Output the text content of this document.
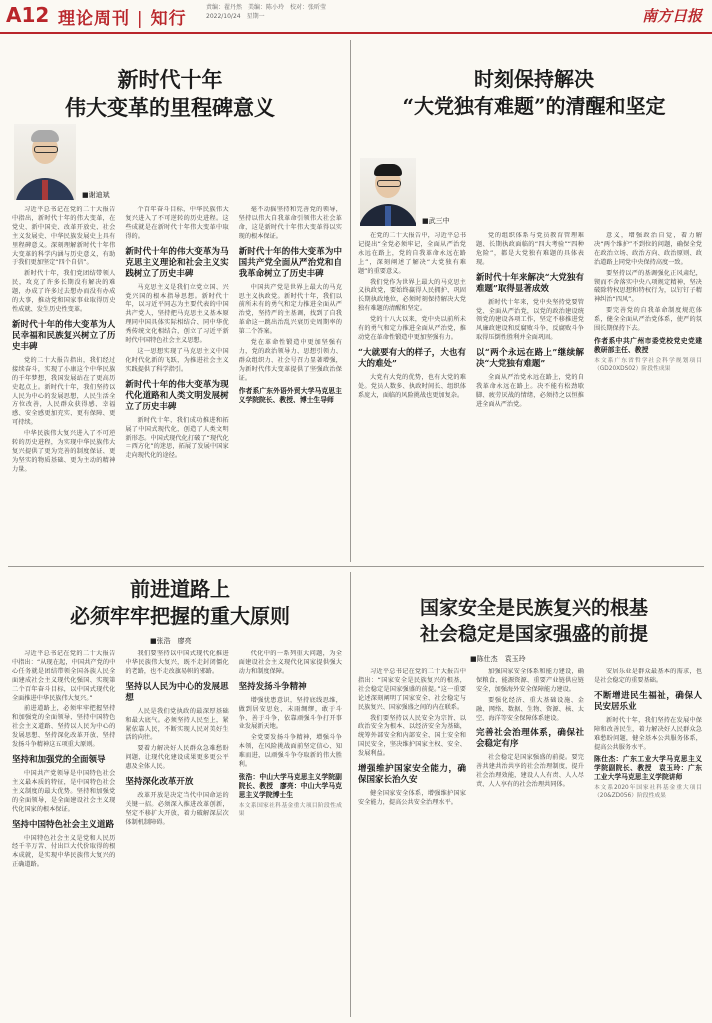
A12 理论周刊 | 知行
责编：翟丹然　美编：陈小玲　校对：张昕莹
2022/10/24　星期一	南方日报
新时代十年
伟大变革的里程碑意义
■谢迪斌

习近平总书记在党的二十大报告中指出，新时代十年的伟大变革，在党史、新中国史、改革开放史、社会主义发展史、中华民族发展史上具有里程碑意义。深刻理解新时代十年伟大变革的科学内涵与历史意义，有助于我们更加坚定“四个自信”。

新时代十年，我们党团结带领人民，攻克了许多长期没有解决的难题，办成了许多过去想办而没有办成的大事，推动党和国家事业取得历史性成就、发生历史性变革。

新时代十年的伟大变革为人民幸福和民族复兴树立了历史丰碑

党的二十大报告指出，我们经过接续奋斗，实现了小康这个中华民族的千年梦想，我国发展站在了更高历史起点上。新时代十年，我们坚持以人民为中心的发展思想，人民生活全方位改善，人民群众获得感、幸福感、安全感更加充实、更有保障、更可持续。

中华民族伟大复兴进入了不可逆转的历史进程，为实现中华民族伟大复兴提供了更为完善的制度保证、更为坚实的物质基础、更为主动的精神力量。

个百年奋斗目标，中华民族伟大复兴进入了不可逆转的历史进程。这些成就是在新时代十年伟大变革中取得的。

新时代十年的伟大变革为马克思主义理论和社会主义实践树立了历史丰碑

马克思主义是我们立党立国、兴党兴国的根本指导思想。新时代十年，以习近平同志为主要代表的中国共产党人，坚持把马克思主义基本原理同中国具体实际相结合、同中华优秀传统文化相结合，创立了习近平新时代中国特色社会主义思想。

这一思想实现了马克思主义中国化时代化新的飞跃，为推进社会主义实践提供了科学指引。

新时代十年的伟大变革为现代化道路和人类文明发展树立了历史丰碑

新时代十年，我们成功推进和拓展了中国式现代化，创造了人类文明新形态。中国式现代化打破了“现代化＝西方化”的迷思，拓展了发展中国家走向现代化的途径。

毫不动摇坚持和完善党的领导，坚持以伟大自我革命引领伟大社会革命，这是新时代十年伟大变革得以实现的根本保证。

新时代十年的伟大变革为中国共产党全面从严治党和自我革命树立了历史丰碑

中国共产党是世界上最大的马克思主义执政党。新时代十年，我们以前所未有的勇气和定力推进全面从严治党，坚持严的主基调，找到了自我革命这一跳出治乱兴衰历史周期率的第二个答案。

党在革命性锻造中更加坚强有力，党的政治领导力、思想引领力、群众组织力、社会号召力显著增强，为新时代伟大变革提供了坚强政治保证。

作者系广东外语外贸大学马克思主义学院院长、教授、博士生导师
时刻保持解决
“大党独有难题”的清醒和坚定
■武三中

在党的二十大报告中，习近平总书记提出“全党必须牢记，全面从严治党永远在路上，党的自我革命永远在路上”，深刻阐述了解决“大党独有难题”的重要意义。

我们党作为世界上最大的马克思主义执政党，要始终赢得人民拥护、巩固长期执政地位，必须时刻保持解决大党独有难题的清醒和坚定。

党的十八大以来，党中央以前所未有的勇气和定力推进全面从严治党，推动党在革命性锻造中更加坚强有力。

“大就要有大的样子，大也有大的难处”

大党有大党的优势，也有大党的难处。党员人数多、执政时间长、组织体系庞大，面临的风险挑战也更加复杂。

党的组织体系与党员教育管理难题、长期执政面临的“四大考验”“四种危险”，都是大党独有难题的具体表现。

新时代十年来解决“大党独有难题”取得显著成效

新时代十年来，党中央坚持党要管党、全面从严治党，以党的政治建设统领党的建设各项工作，坚定不移推进党风廉政建设和反腐败斗争，反腐败斗争取得压倒性胜利并全面巩固。

以“两个永远在路上”继续解决“大党独有难题”

全面从严治党永远在路上，党的自我革命永远在路上。决不能有松劲歇脚、疲劳厌战的情绪，必须持之以恒推进全面从严治党。

意义，增强政治自觉，着力解决“两个维护”不到位的问题，确保全党在政治立场、政治方向、政治原则、政治道路上同党中央保持高度一致。

要坚持以严的基调强化正风肃纪，锲而不舍落实中央八项规定精神，坚决破除特权思想和特权行为，以钉钉子精神纠治“四风”。

要完善党的自我革命制度规范体系，健全全面从严治党体系，使严的氛围长期保持下去。

作者系中共广州市委党校党史党建教研部主任、教授
本文系广东省哲学社会科学规划项目（GD20XDS02）阶段性成果
前进道路上
必须牢牢把握的重大原则
■张浩　廖亮

习近平总书记在党的二十大报告中指出：“从现在起，中国共产党的中心任务就是团结带领全国各族人民全面建成社会主义现代化强国、实现第二个百年奋斗目标，以中国式现代化全面推进中华民族伟大复兴。”

前进道路上，必须牢牢把握坚持和加强党的全面领导、坚持中国特色社会主义道路、坚持以人民为中心的发展思想、坚持深化改革开放、坚持发扬斗争精神这五项重大原则。

坚持和加强党的全面领导

中国共产党领导是中国特色社会主义最本质的特征，是中国特色社会主义制度的最大优势。坚持和加强党的全面领导，是全面建设社会主义现代化国家的根本保证。

坚持中国特色社会主义道路

中国特色社会主义是党和人民历经千辛万苦、付出巨大代价取得的根本成就，是实现中华民族伟大复兴的正确道路。

我们要坚持以中国式现代化推进中华民族伟大复兴，既不走封闭僵化的老路，也不走改旗易帜的邪路。

坚持以人民为中心的发展思想

人民是我们党执政的最深厚基础和最大底气。必须坚持人民至上，紧紧依靠人民，不断实现人民对美好生活的向往。

要着力解决好人民群众急难愁盼问题，让现代化建设成果更多更公平惠及全体人民。

坚持深化改革开放

改革开放是决定当代中国命运的关键一招。必须深入推进改革创新，坚定不移扩大开放，着力破解深层次体制机制障碍。

代化中的一系列重大问题，为全面建设社会主义现代化国家提供强大动力和制度保障。

坚持发扬斗争精神

增强忧患意识，坚持底线思维，做到居安思危、未雨绸缪，敢于斗争、善于斗争，依靠顽强斗争打开事业发展新天地。

全党要发扬斗争精神，增强斗争本领，在风险挑战面前坚定信心、知难而进，以顽强斗争夺取新的伟大胜利。

张浩：中山大学马克思主义学院副院长、教授　廖亮：中山大学马克思主义学院博士生
本文系国家社科基金重大项目阶段性成果
国家安全是民族复兴的根基
社会稳定是国家强盛的前提
■陈仕杰　袁玉玲

习近平总书记在党的二十大报告中指出：“国家安全是民族复兴的根基，社会稳定是国家强盛的前提。”这一重要论述深刻阐明了国家安全、社会稳定与民族复兴、国家强盛之间的内在联系。

我们要坚持以人民安全为宗旨、以政治安全为根本、以经济安全为基础，统筹外部安全和内部安全、国土安全和国民安全，坚决维护国家主权、安全、发展利益。

增强维护国家安全能力，确保国家长治久安

健全国家安全体系，增强维护国家安全能力，提高公共安全治理水平。

加强国家安全体系和能力建设，确保粮食、能源资源、重要产业链供应链安全，加强海外安全保障能力建设。

要强化经济、重大基础设施、金融、网络、数据、生物、资源、核、太空、海洋等安全保障体系建设。

完善社会治理体系，确保社会稳定有序

社会稳定是国家强盛的前提。要完善共建共治共享的社会治理制度，提升社会治理效能，建设人人有责、人人尽责、人人享有的社会治理共同体。

安居乐业是群众最基本的需求，也是社会稳定的重要基础。

不断增进民生福祉，确保人民安居乐业

新时代十年，我们坚持在发展中保障和改善民生，着力解决好人民群众急难愁盼问题，健全基本公共服务体系，提高公共服务水平。

陈仕杰：广东工业大学马克思主义学院副院长、教授　袁玉玲：广东工业大学马克思主义学院讲师
本文系2020年国家社科基金重大项目（20&ZD056）阶段性成果
